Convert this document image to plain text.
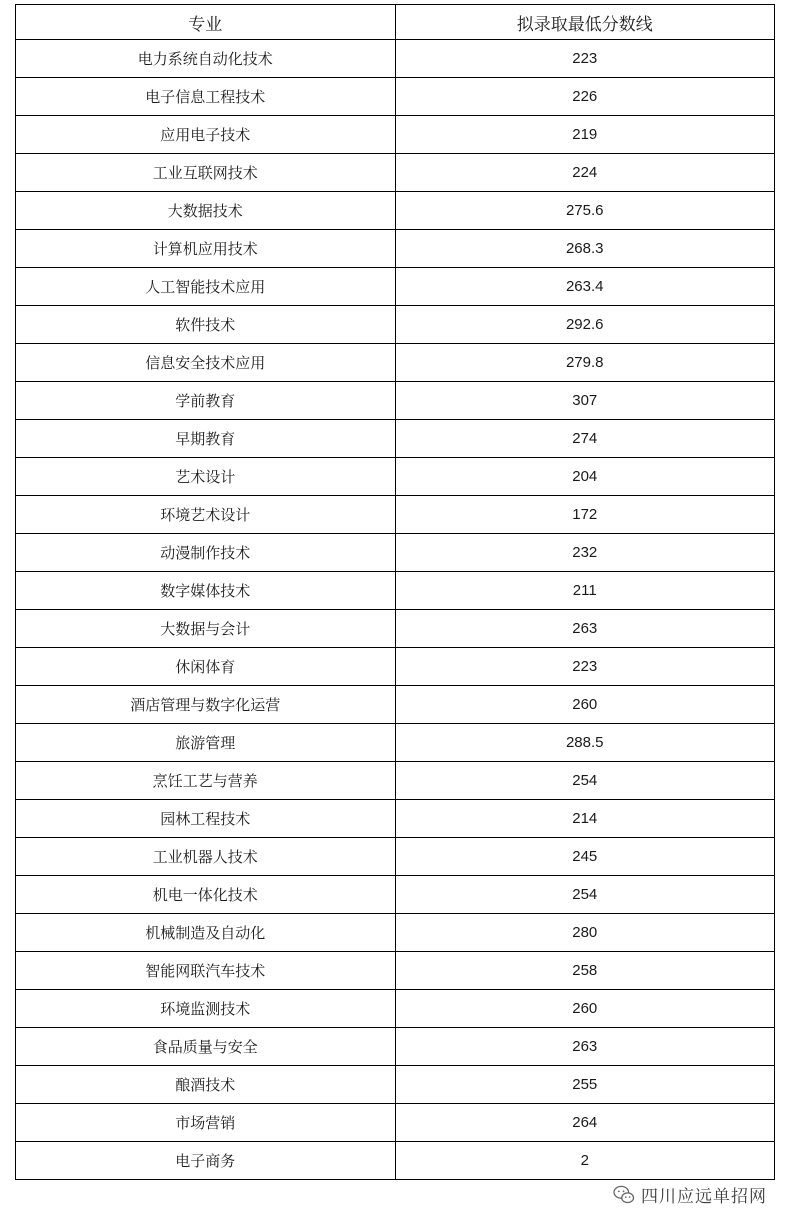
专业	拟录取最低分数线
电力系统自动化技术	223
电子信息工程技术	226
应用电子技术	219
工业互联网技术	224
大数据技术	275.6
计算机应用技术	268.3
人工智能技术应用	263.4
软件技术	292.6
信息安全技术应用	279.8
学前教育	307
早期教育	274
艺术设计	204
环境艺术设计	172
动漫制作技术	232
数字媒体技术	211
大数据与会计	263
休闲体育	223
酒店管理与数字化运营	260
旅游管理	288.5
烹饪工艺与营养	254
园林工程技术	214
工业机器人技术	245
机电一体化技术	254
机械制造及自动化	280
智能网联汽车技术	258
环境监测技术	260
食品质量与安全	263
酿酒技术	255
市场营销	264
电子商务	2
四川应远单招网
